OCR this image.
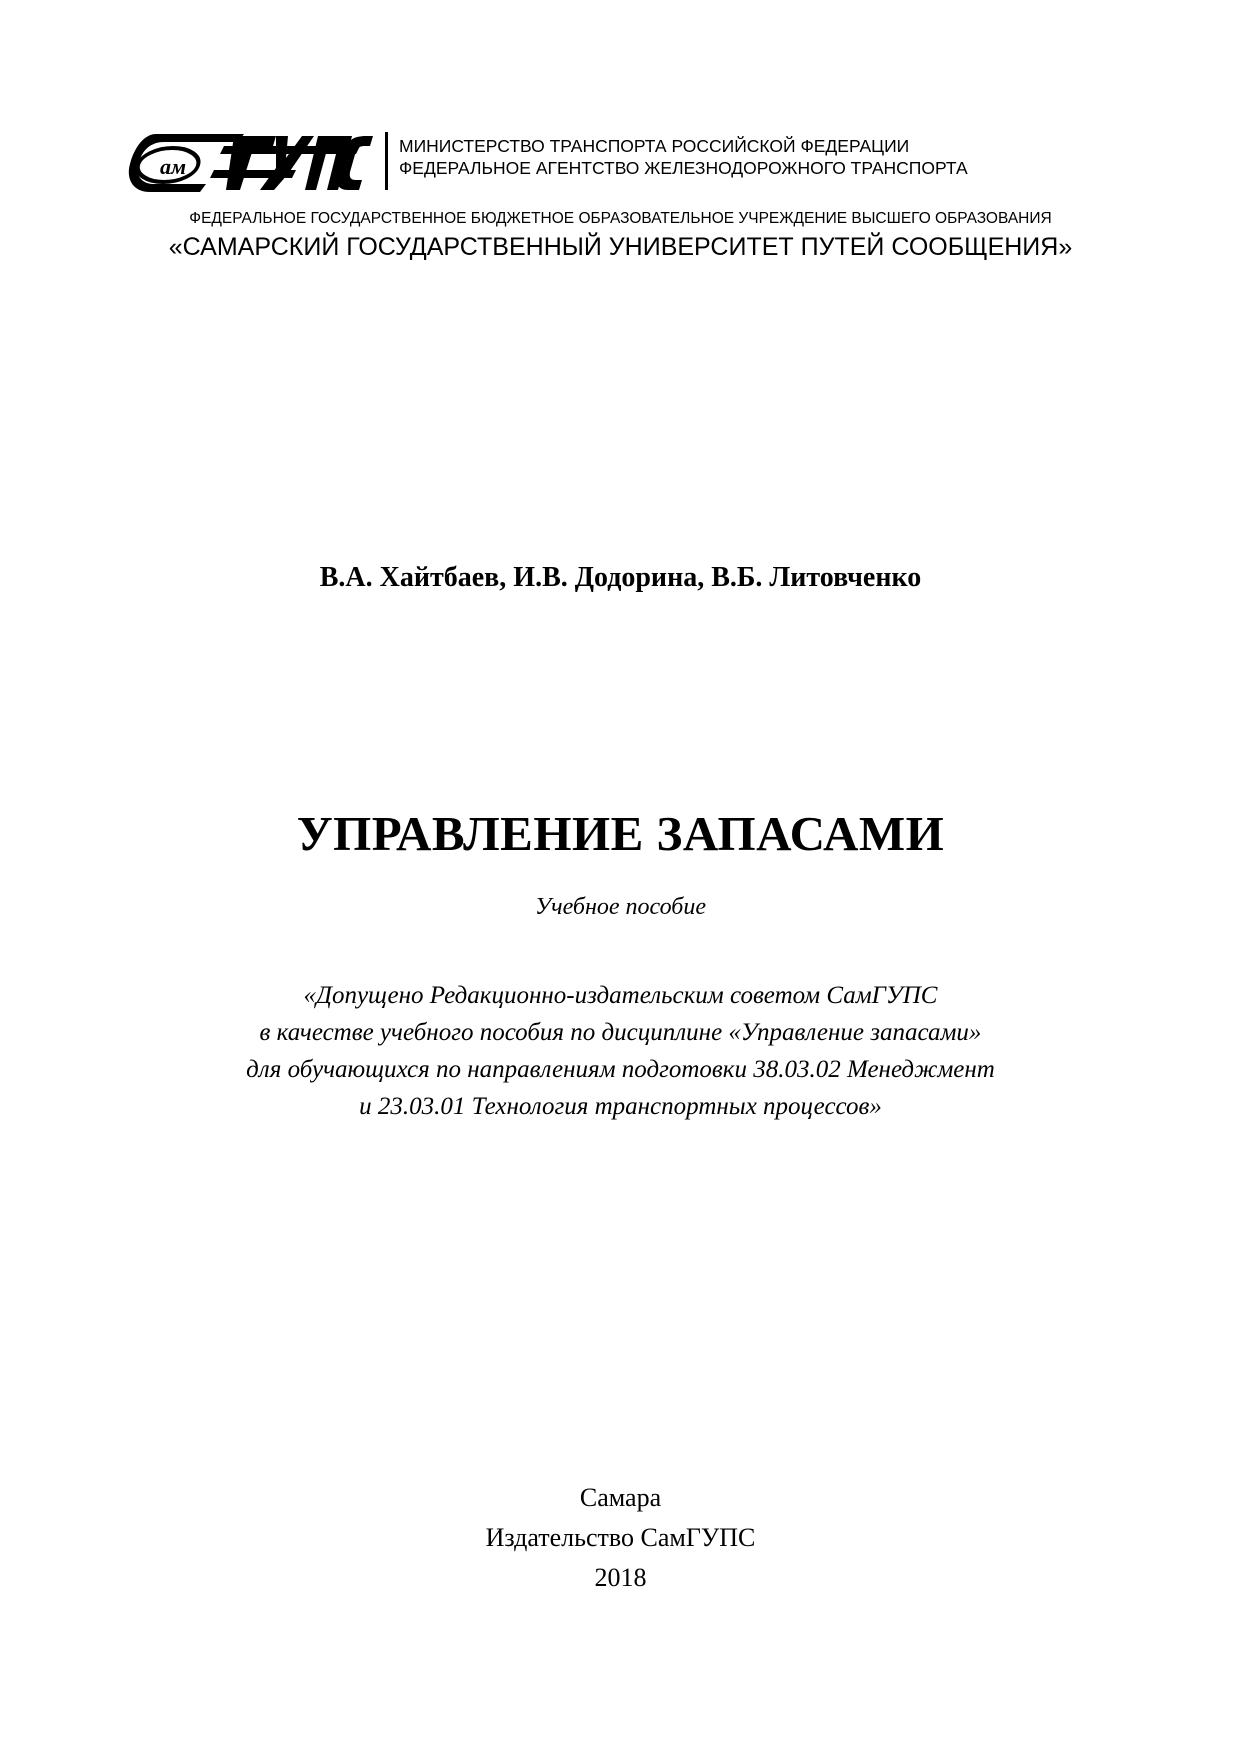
ам
МИНИСТЕРСТВО ТРАНСПОРТА РОССИЙСКОЙ ФЕДЕРАЦИИ
ФЕДЕРАЛЬНОЕ АГЕНТСТВО ЖЕЛЕЗНОДОРОЖНОГО ТРАНСПОРТА
ФЕДЕРАЛЬНОЕ ГОСУДАРСТВЕННОЕ БЮДЖЕТНОЕ ОБРАЗОВАТЕЛЬНОЕ УЧРЕЖДЕНИЕ ВЫСШЕГО ОБРАЗОВАНИЯ
«САМАРСКИЙ ГОСУДАРСТВЕННЫЙ УНИВЕРСИТЕТ ПУТЕЙ СООБЩЕНИЯ»
В.А. Хайтбаев, И.В. Додорина, В.Б. Литовченко
УПРАВЛЕНИЕ ЗАПАСАМИ
Учебное пособие
«Допущено Редакционно-издательским советом СамГУПС
в качестве учебного пособия по дисциплине «Управление запасами»
для обучающихся по направлениям подготовки 38.03.02 Менеджмент
и 23.03.01 Технология транспортных процессов»
Самара
Издательство СамГУПС
2018
